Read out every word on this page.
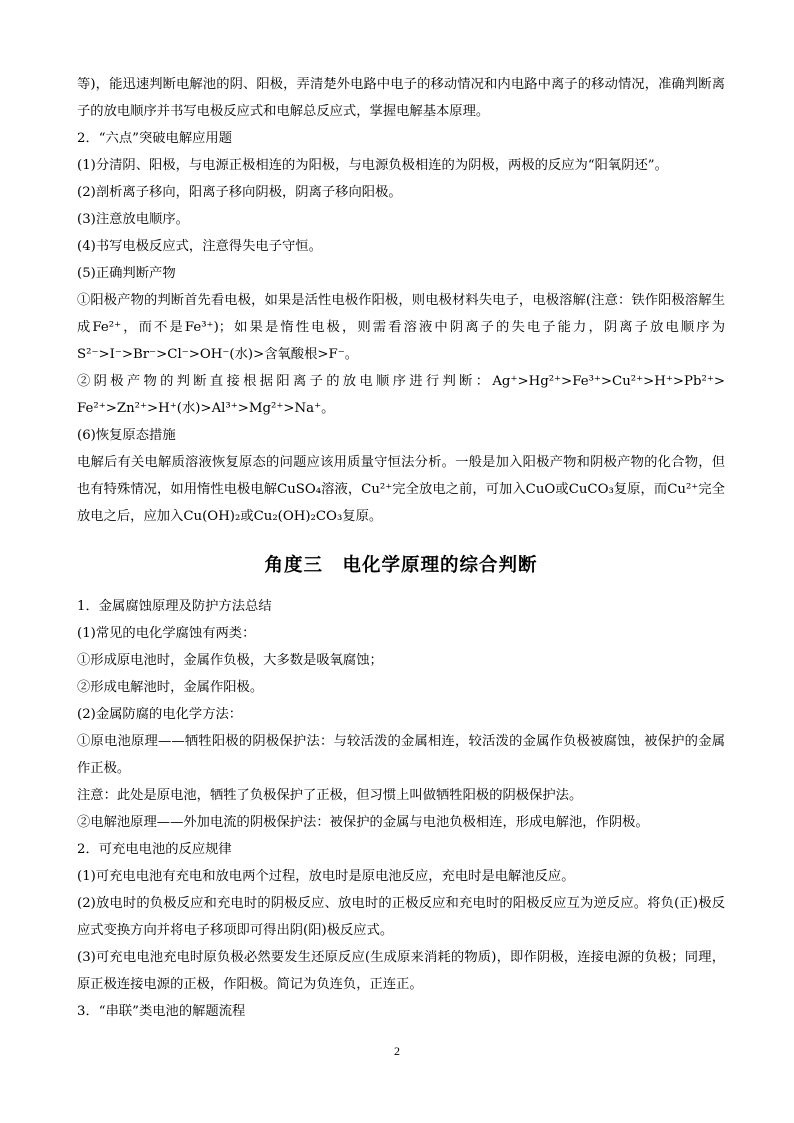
等)，能迅速判断电解池的阴、阳极，弄清楚外电路中电子的移动情况和内电路中离子的移动情况，准确判断离子的放电顺序并书写电极反应式和电解总反应式，掌握电解基本原理。

2．“六点”突破电解应用题

(1)分清阴、阳极，与电源正极相连的为阳极，与电源负极相连的为阴极，两极的反应为“阳氧阴还”。

(2)剖析离子移向，阳离子移向阴极，阴离子移向阳极。

(3)注意放电顺序。

(4)书写电极反应式，注意得失电子守恒。

(5)正确判断产物

①阳极产物的判断首先看电极，如果是活性电极作阳极，则电极材料失电子，电极溶解(注意：铁作阳极溶解生成Fe²⁺，而不是Fe³⁺)；如果是惰性电极，则需看溶液中阴离子的失电子能力，阴离子放电顺序为S²⁻>I⁻>Br⁻>Cl⁻>OH⁻(水)>含氧酸根>F⁻。

②阴极产物的判断直接根据阳离子的放电顺序进行判断：Ag⁺>Hg²⁺>Fe³⁺>Cu²⁺>H⁺>Pb²⁺> Fe²⁺>Zn²⁺>H⁺(水)>Al³⁺>Mg²⁺>Na⁺。

(6)恢复原态措施

电解后有关电解质溶液恢复原态的问题应该用质量守恒法分析。一般是加入阳极产物和阴极产物的化合物，但也有特殊情况，如用惰性电极电解CuSO₄溶液，Cu²⁺完全放电之前，可加入CuO或CuCO₃复原，而Cu²⁺完全放电之后，应加入Cu(OH)₂或Cu₂(OH)₂CO₃复原。

角度三　电化学原理的综合判断

1．金属腐蚀原理及防护方法总结

(1)常见的电化学腐蚀有两类：

①形成原电池时，金属作负极，大多数是吸氧腐蚀；

②形成电解池时，金属作阳极。

(2)金属防腐的电化学方法：

①原电池原理——牺牲阳极的阴极保护法：与较活泼的金属相连，较活泼的金属作负极被腐蚀，被保护的金属作正极。

注意：此处是原电池，牺牲了负极保护了正极，但习惯上叫做牺牲阳极的阴极保护法。

②电解池原理——外加电流的阴极保护法：被保护的金属与电池负极相连，形成电解池，作阴极。

2．可充电电池的反应规律

(1)可充电电池有充电和放电两个过程，放电时是原电池反应，充电时是电解池反应。

(2)放电时的负极反应和充电时的阴极反应、放电时的正极反应和充电时的阳极反应互为逆反应。将负(正)极反应式变换方向并将电子移项即可得出阴(阳)极反应式。

(3)可充电电池充电时原负极必然要发生还原反应(生成原来消耗的物质)，即作阴极，连接电源的负极；同理，原正极连接电源的正极，作阳极。简记为负连负，正连正。

3．“串联”类电池的解题流程

2
